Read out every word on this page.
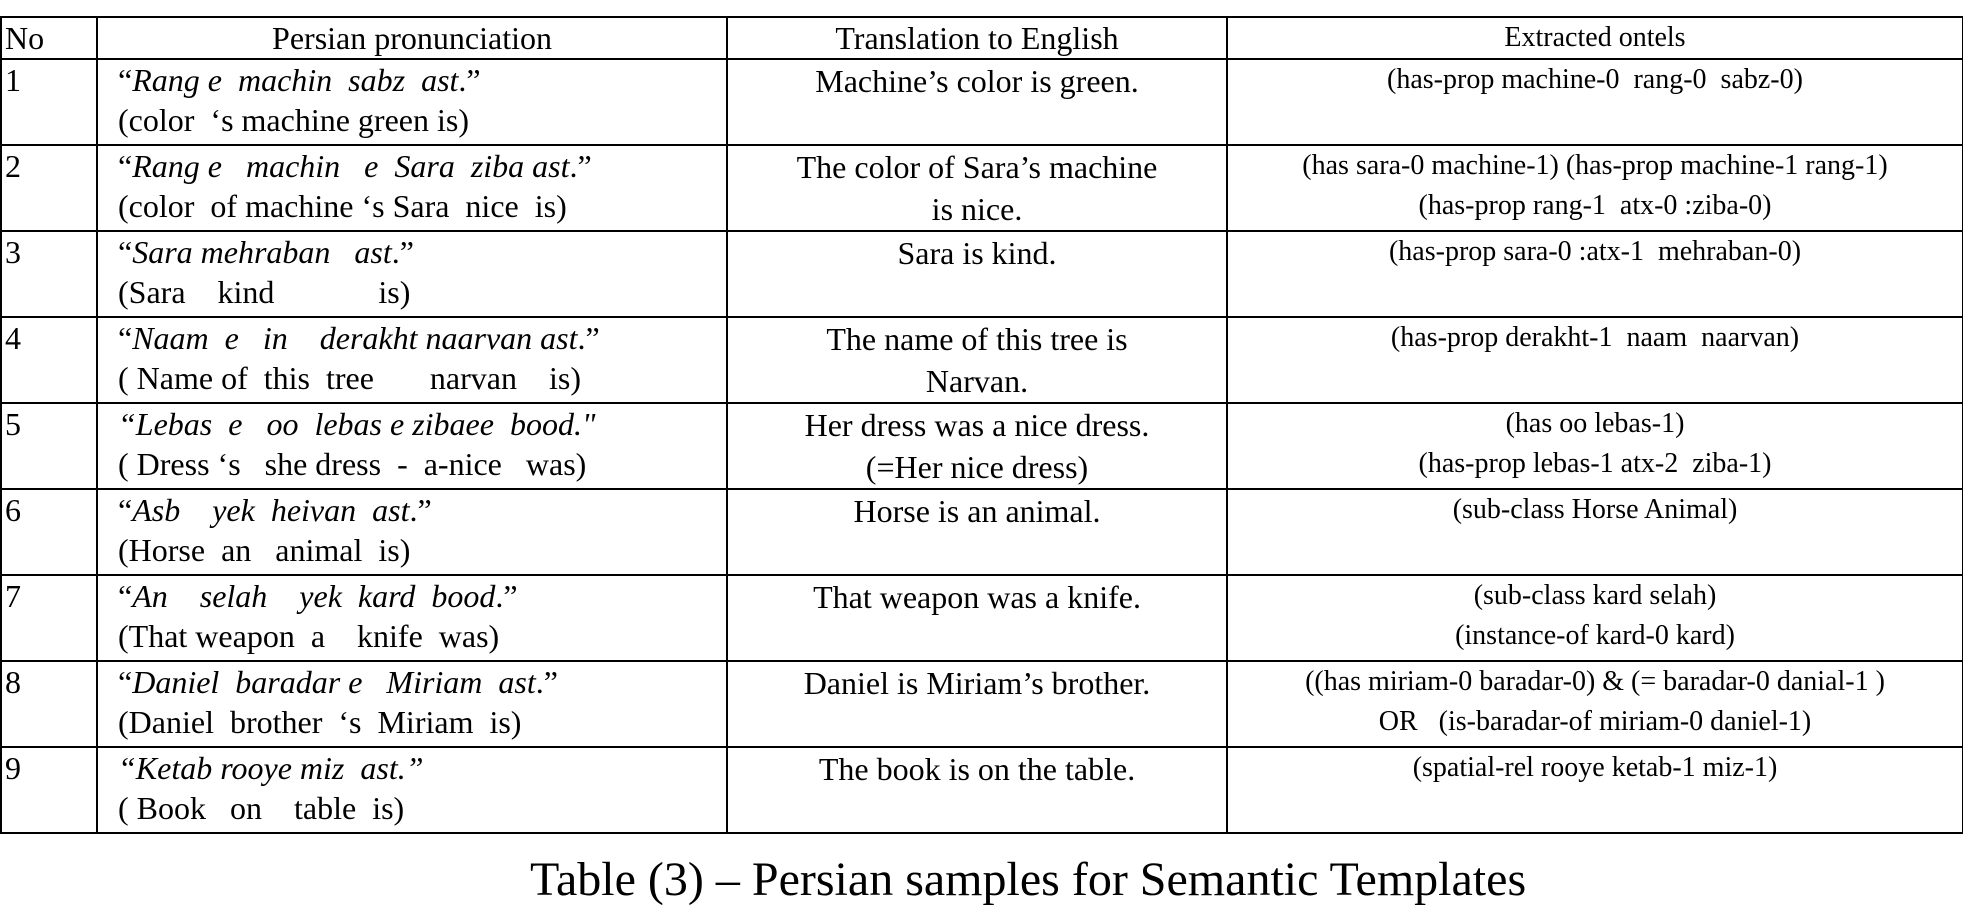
No	Persian pronunciation	Translation to English	Extracted ontels
1	“Rang e  machin  sabz  ast.”
(color  ‘s machine green is)	Machine’s color is green.	(has-prop machine-0  rang-0  sabz-0)

2	“Rang e   machin   e  Sara  ziba ast.”
(color  of machine ‘s Sara  nice  is)	The color of Sara’s machine
is nice.	(has sara-0 machine-1) (has-prop machine-1 rang-1)
(has-prop rang-1  atx-0 :ziba-0)

3	“Sara mehraban   ast.”
(Sara    kind             is)	Sara is kind.	(has-prop sara-0 :atx-1  mehraban-0)

4	“Naam  e   in    derakht naarvan ast.”
( Name of  this  tree       narvan    is)	The name of this tree is
Narvan.	(has-prop derakht-1  naam  naarvan)

5	“Lebas  e   oo  lebas e zibaee  bood."
( Dress ‘s   she dress  -  a-nice   was)	Her dress was a nice dress.
(=Her nice dress)	(has oo lebas-1)
(has-prop lebas-1 atx-2  ziba-1)

6	“Asb    yek  heivan  ast.”
(Horse  an   animal  is)	Horse is an animal.	(sub-class Horse Animal)

7	“An    selah    yek  kard  bood.”
(That weapon  a    knife  was)	That weapon was a knife.	(sub-class kard selah)
(instance-of kard-0 kard)

8	“Daniel  baradar e   Miriam  ast.”
(Daniel  brother  ‘s  Miriam  is)	Daniel is Miriam’s brother.	((has miriam-0 baradar-0) & (= baradar-0 danial-1 )
OR   (is-baradar-of miriam-0 daniel-1)

9	“Ketab rooye miz  ast.”
( Book   on    table  is)	The book is on the table.	(spatial-rel rooye ketab-1 miz-1)
Table (3) – Persian samples for Semantic Templates
